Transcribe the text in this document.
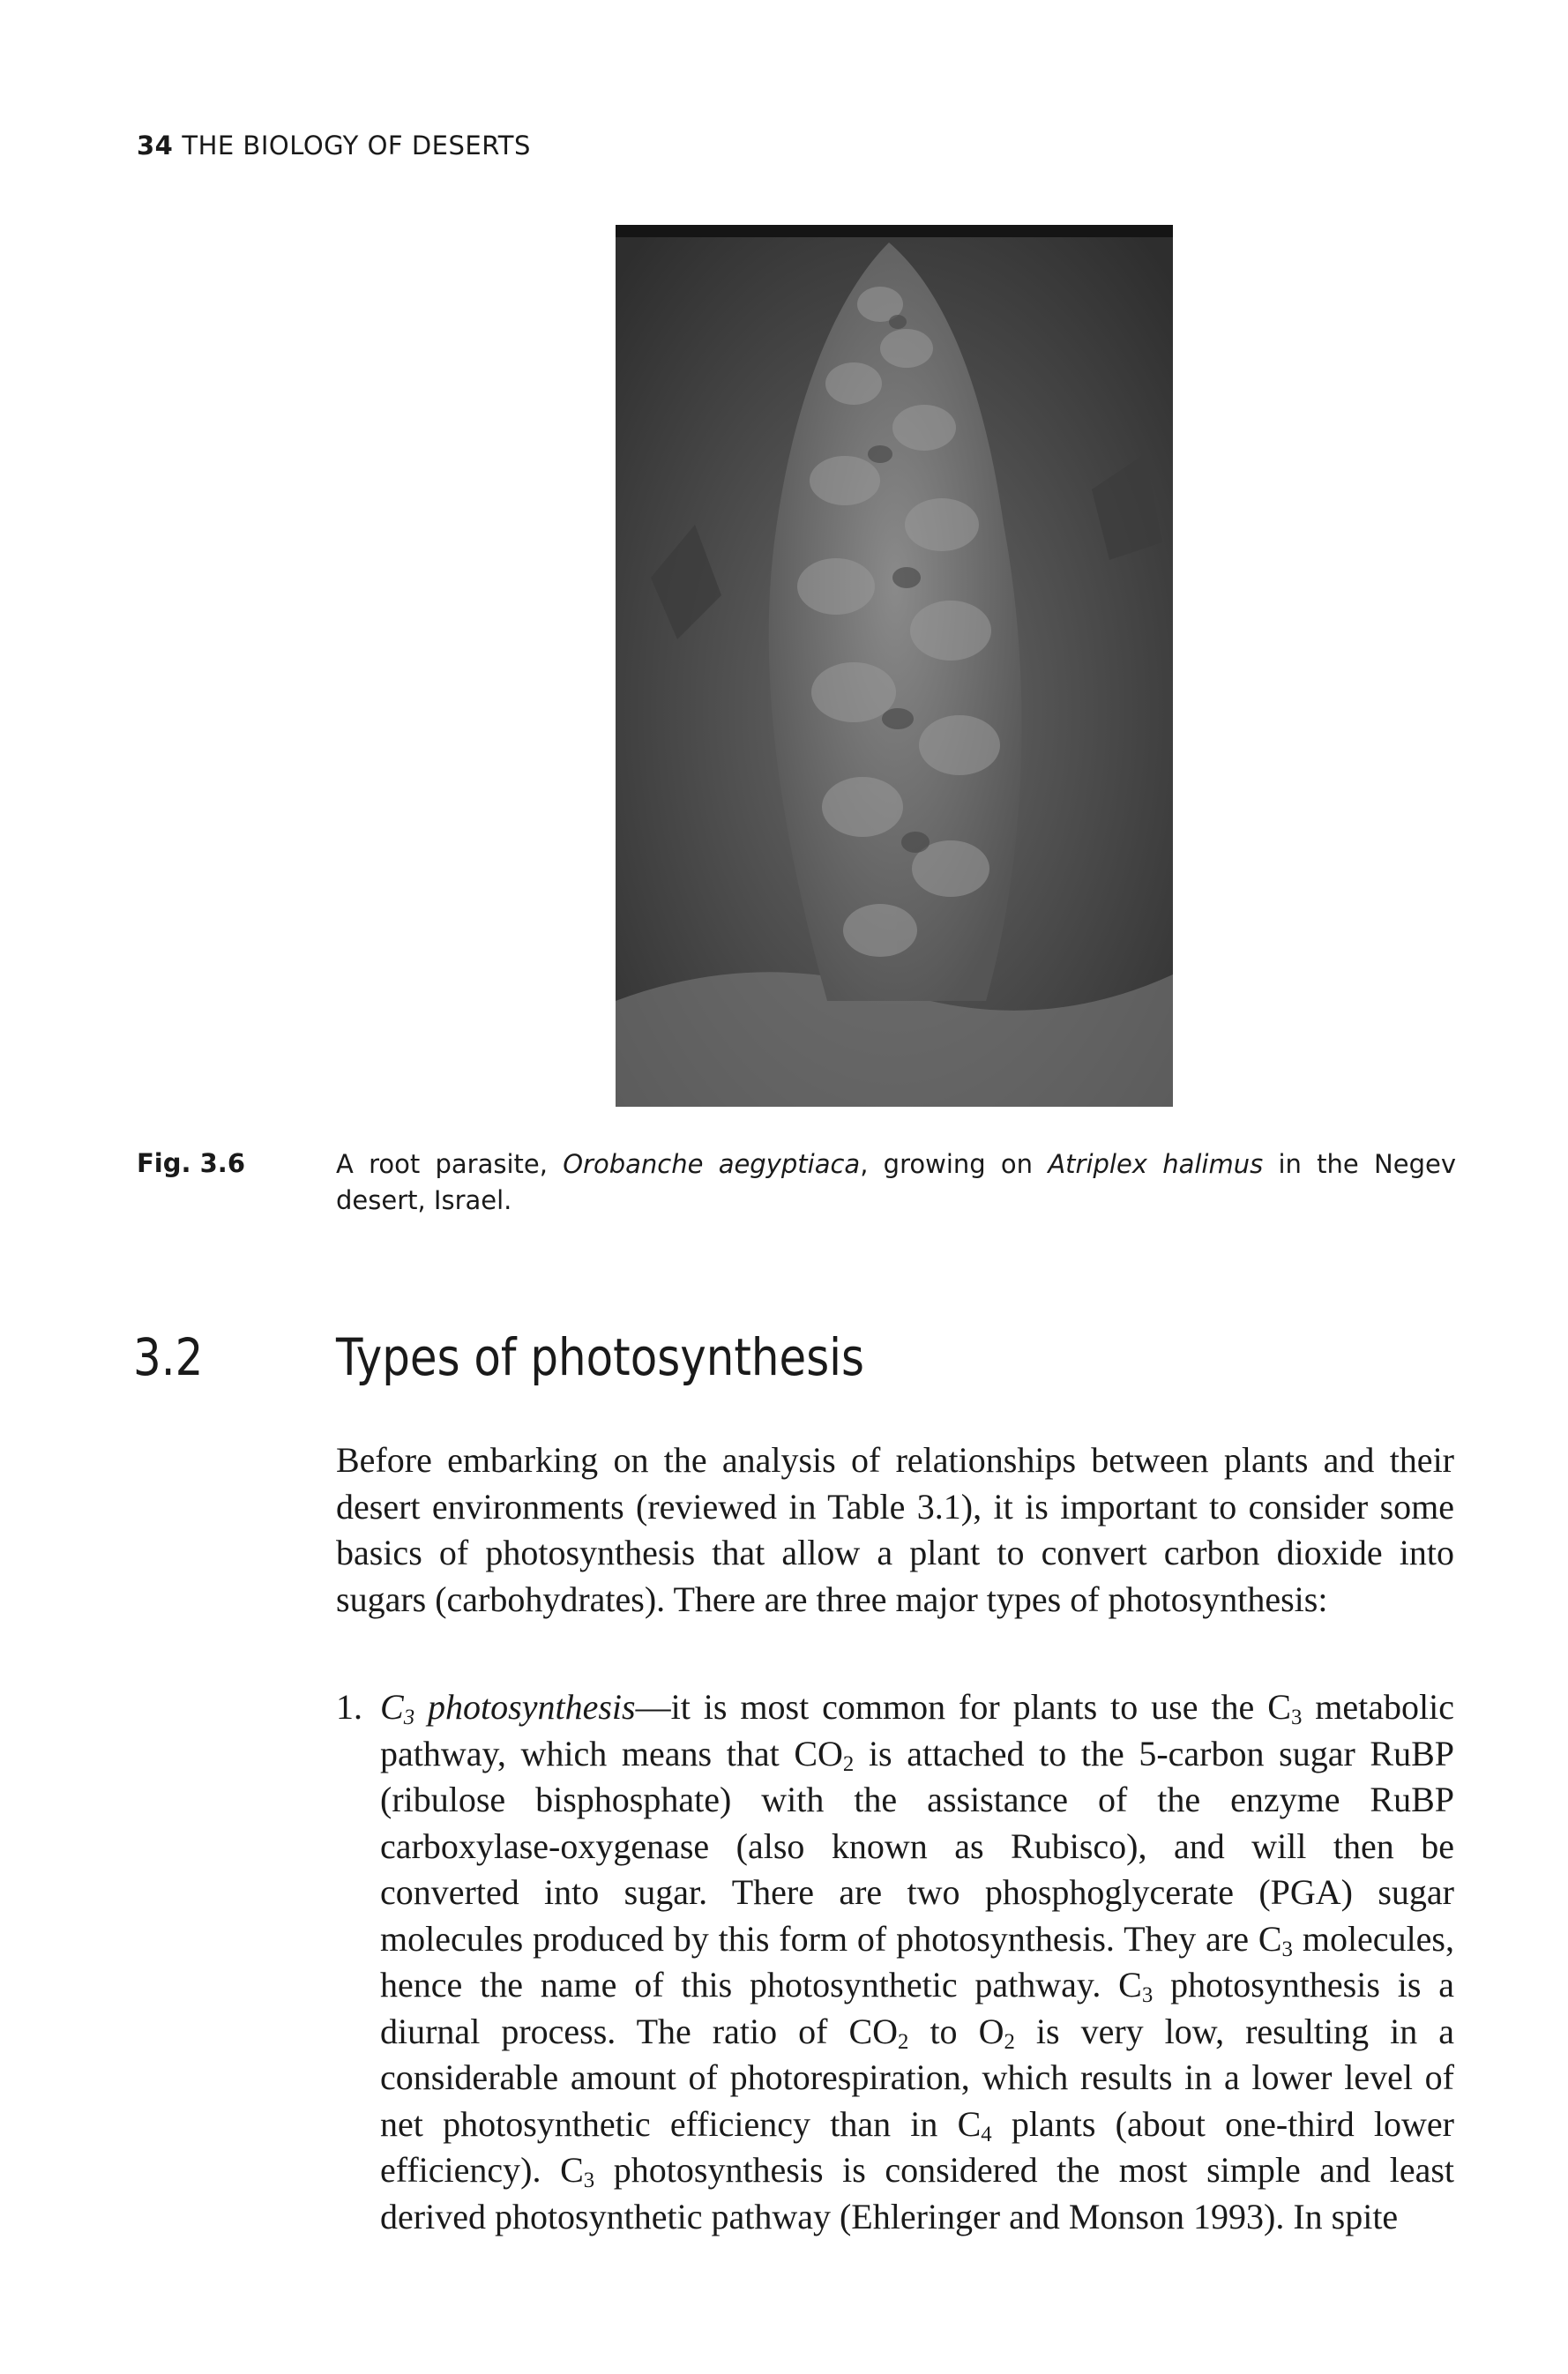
34 THE BIOLOGY OF DESERTS
Fig. 3.6	A root parasite, Orobanche aegyptiaca, growing on Atriplex halimus in the Negev desert, Israel.
3.2	Types of photosynthesis

Before embarking on the analysis of relationships between plants and their desert environments (reviewed in Table 3.1), it is important to consider some basics of photosynthesis that allow a plant to convert carbon dioxide into sugars (carbohydrates). There are three major types of photosynthesis:

1. $C_3$ photosynthesis—it is most common for plants to use the $C_3$ metabolic pathway, which means that $CO_2$ is attached to the 5-carbon sugar RuBP (ribulose bisphosphate) with the assistance of the enzyme RuBP carboxylase-oxygenase (also known as Rubisco), and will then be converted into sugar. There are two phosphoglycerate (PGA) sugar molecules produced by this form of photosynthesis. They are $C_3$ molecules, hence the name of this photosynthetic pathway. $C_3$ photosynthesis is a diurnal process. The ratio of $CO_2$ to $O_2$ is very low, resulting in a considerable amount of photorespiration, which results in a lower level of net photosynthetic efficiency than in $C_4$ plants (about one-third lower efficiency). $C_3$ photosynthesis is considered the most simple and least derived photosynthetic pathway (Ehleringer and Monson 1993). In spite
